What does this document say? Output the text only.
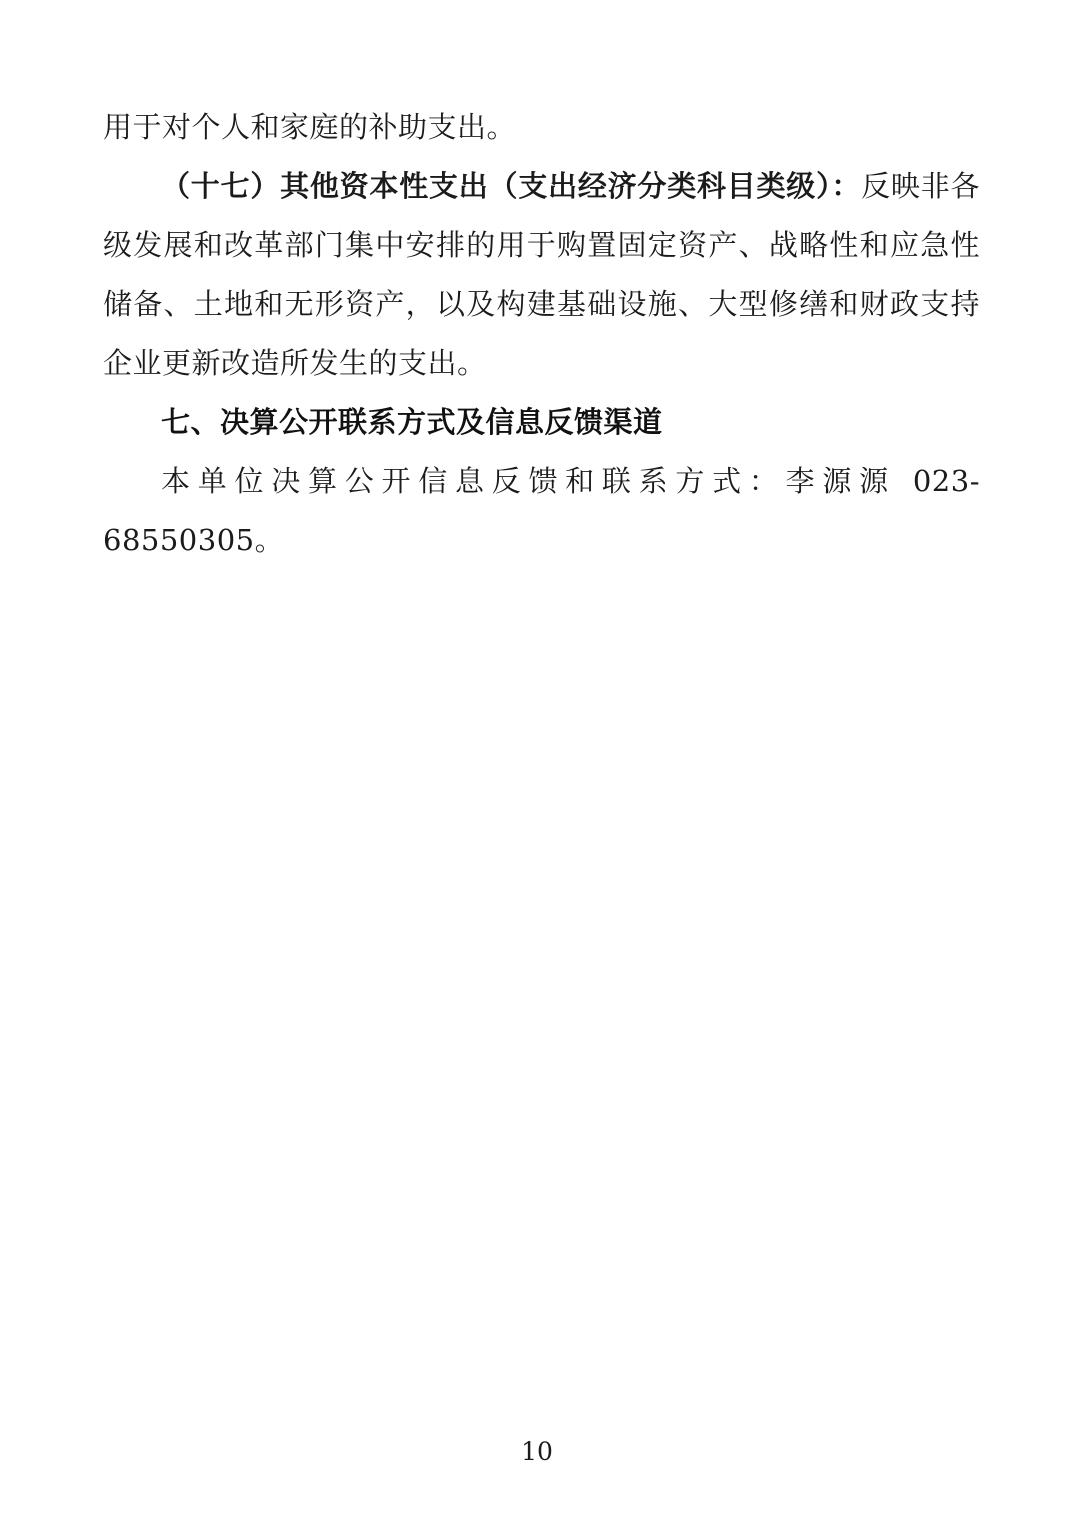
用于对个人和家庭的补助支出。

（十七）其他资本性支出（支出经济分类科目类级）：反映非各级发展和改革部门集中安排的用于购置固定资产、战略性和应急性储备、土地和无形资产，以及构建基础设施、大型修缮和财政支持企业更新改造所发生的支出。

七、决算公开联系方式及信息反馈渠道

本单位决算公开信息反馈和联系方式：李源源 023-68550305。

10
